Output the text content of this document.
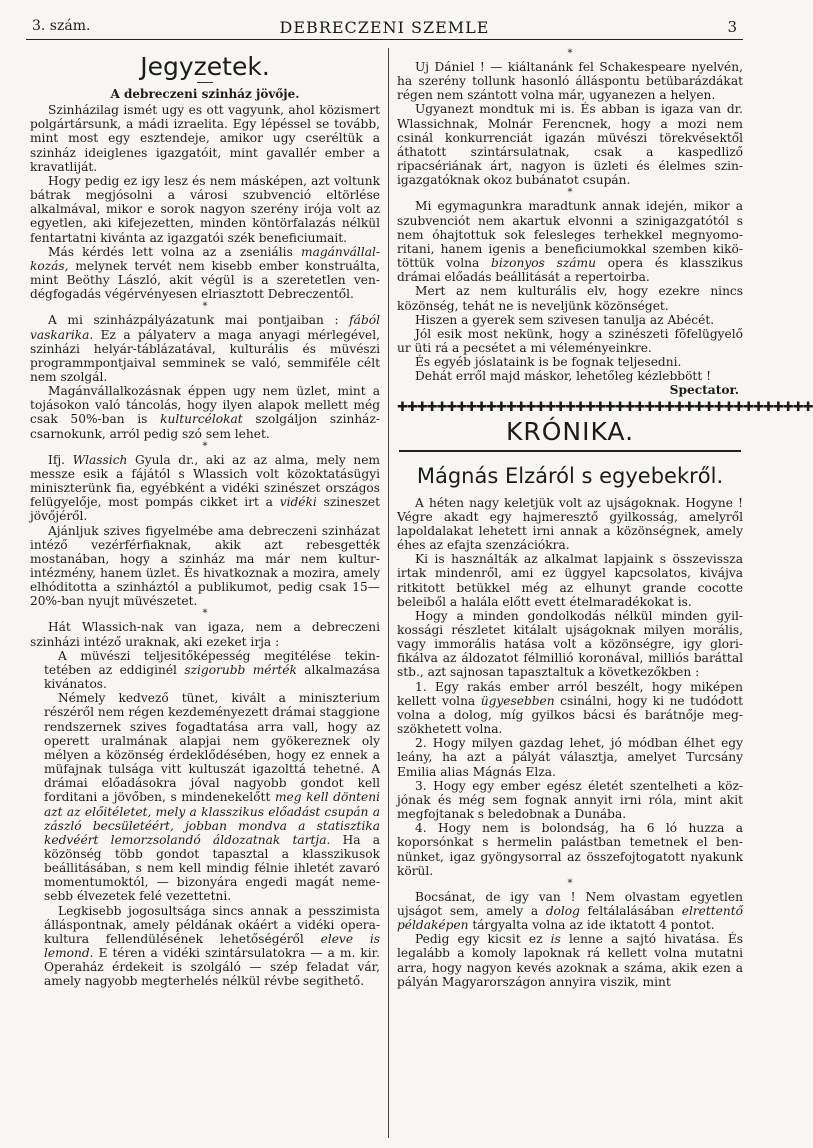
3. szám.	DEBRECZENI SZEMLE	3
Jegyzetek.
A debreczeni szinház jövője.

Szinházilag ismét ugy es ott vagyunk, ahol közismert polgártársunk, a mádi izraelita. Egy lépéssel se tovább, mint most egy esztendeje, amikor ugy cseréltük a szinház ideiglenes igazgatóit, mint gavallér ember a kravatliját.

Hogy pedig ez igy lesz és nem másképen, azt voltunk bátrak megjósolni a városi szubvenció eltörlése alkalmával, mikor e sorok nagyon szerény irója volt az egyetlen, aki kifejezetten, minden köntörfalazás nélkül fentartatni kivánta az igazgatói szék beneficiumait.

Más kérdés lett volna az a zseniális magánvállalkozás, melynek tervét nem kisebb ember konstruálta, mint Beöthy László, akit végül is a szeretetlen vendégfogadás végérvényesen elriasztott Debreczentől.

*

A mi szinházpályázatunk mai pontjaiban : fából vaskarika. Ez a pályaterv a maga anyagi mérlegével, szinházi helyár-táblázatával, kulturális és müvészi programmpontjaival semminek se való, semmiféle célt nem szolgál.

Magánvállalkozásnak éppen ugy nem üzlet, mint a tojásokon való táncolás, hogy ilyen alapok mellett még csak 50%-ban is kulturcélokat szolgáljon szinházcsarnokunk, arról pedig szó sem lehet.

*

Ifj. Wlassich Gyula dr., aki az az alma, mely nem messze esik a fájától s Wlassich volt közoktatásügyi miniszterünk fia, egyébként a vidéki szinészet országos felügyelője, most pompás cikket irt a vidéki szineszet jövőjéről.

Ajánljuk szives figyelmébe ama debreczeni szinházat intéző vezérférfiaknak, akik azt rebesgették mostanában, hogy a szinház ma már nem kulturintézmény, hanem üzlet. És hivatkoznak a mozira, amely elhóditotta a szinháztól a publikumot, pedig csak 15—20%-ban nyujt müvészetet.

*

Hát Wlassich-nak van igaza, nem a debreczeni szinházi intéző uraknak, aki ezeket irja :

A müvészi teljesitőképesség megitélése tekintetében az eddiginél szigorubb mérték alkalmazása kivánatos.

Némely kedvező tünet, kivált a miniszterium részéről nem régen kezdeményezett drámai staggione rendszernek szives fogadtatása arra vall, hogy az operett uralmának alapjai nem gyökereznek oly mélyen a közönség érdeklődésében, hogy ez ennek a müfajnak tulsága vitt kultuszát igazolttá tehetné. A drámai előadásokra jóval nagyobb gondot kell forditani a jövőben, s mindenekelőtt meg kell dönteni azt az előitéletet, mely a klasszikus előadást csupán a zászló becsületéért, jobban mondva a statisztika kedvéért lemorzsolandó áldozatnak tartja. Ha a közönség több gondot tapasztal a klasszikusok beállitásában, s nem kell mindig félnie ihletét zavaró momentumoktól, — bizonyára engedi magát nemesebb élvezetek felé vezettetni.

Legkisebb jogosultsága sincs annak a pesszimista álláspontnak, amely példának okáért a vidéki opera-kultura fellendülésének lehetőségéről eleve is lemond. E téren a vidéki szintársulatokra — a m. kir. Operaház érdekeit is szolgáló — szép feladat vár, amely nagyobb megterhelés nélkül révbe segithető.

*

Uj Dániel ! — kiáltanánk fel Schakespeare nyelvén, ha szerény tollunk hasonló álláspontu betübarázdákat régen nem szántott volna már, ugyanezen a helyen.

Ugyanezt mondtuk mi is. És abban is igaza van dr. Wlassichnak, Molnár Ferencnek, hogy a mozi nem csinál konkurrenciát igazán müvészi törekvésektől áthatott szintársulatnak, csak a kaspedliző ripacsériának árt, nagyon is üzleti és élelmes szinigazgatóknak okoz bubánatot csupán.

*

Mi egymagunkra maradtunk annak idején, mikor a szubvenciót nem akartuk elvonni a szinigazgatótól s nem óhajtottuk sok felesleges terhekkel megnyomoritani, hanem igenis a beneficiumokkal szemben kikötöttük volna bizonyos számu opera és klasszikus drámai előadás beállitását a repertoirba.

Mert az nem kulturális elv, hogy ezekre nincs közönség, tehát ne is neveljünk közönséget.

Hiszen a gyerek sem szivesen tanulja az Abécét.

Jól esik most nekünk, hogy a szinészeti fõfelügyelő ur üti rá a pecsétet a mi véleményeinkre.

És egyéb jóslataink is be fognak teljesedni.

Dehát erről majd máskor, lehetőleg kézlebbött !

Spectator.
✚✚✚✚✚✚✚✚✚✚✚✚✚✚✚✚✚✚✚✚✚✚✚✚✚✚✚✚✚✚✚✚✚✚✚✚✚✚✚✚✚✚
KRÓNIKA.
Mágnás Elzáról s egyebekről.

A héten nagy keletjük volt az ujságoknak. Hogyne ! Végre akadt egy hajmeresztő gyilkosság, amelyről lapoldalakat lehetett irni annak a közönségnek, amely éhes az efajta szenzációkra.

Ki is használták az alkalmat lapjaink s összevissza irtak mindenről, ami ez üggyel kapcsolatos, kivájva ritkitott betükkel még az elhunyt grande cocotte beleiből a halála előtt evett ételmaradékokat is.

Hogy a minden gondolkodás nélkül minden gyilkossági részletet kitálalt ujságoknak milyen morális, vagy immorális hatása volt a közönségre, igy glorifikálva az áldozatot félmillió koronával, milliós baráttal stb., azt sajnosan tapasztaltuk a következőkben :

1. Egy rakás ember arról beszélt, hogy miképen kellett volna ügyesebben csinálni, hogy ki ne tudódott volna a dolog, míg gyilkos bácsi és barátnője megszökhetett volna.

2. Hogy milyen gazdag lehet, jó módban élhet egy leány, ha azt a pályát választja, amelyet Turcsány Emilia alias Mágnás Elza.

3. Hogy egy ember egész életét szentelheti a közjónak és még sem fognak annyit irni róla, mint akit megfojtanak s beledobnak a Dunába.

4. Hogy nem is bolondság, ha 6 ló huzza a koporsónkat s hermelin palástban temetnek el bennünket, igaz gyöngysorral az összefojtogatott nyakunk körül.

*

Bocsánat, de igy van ! Nem olvastam egyetlen ujságot sem, amely a dolog feltálalásában elrettentő példaképen tárgyalta volna az ide iktatott 4 pontot.

Pedig egy kicsit ez is lenne a sajtó hivatása. És legalább a komoly lapoknak rá kellett volna mutatni arra, hogy nagyon kevés azoknak a száma, akik ezen a pályán Magyarországon annyira viszik, mint
